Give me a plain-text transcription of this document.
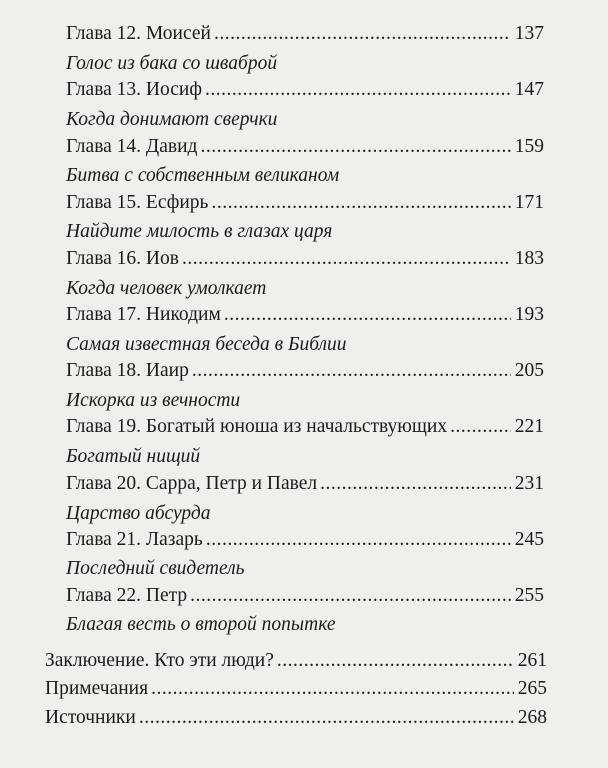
Глава 12. Моисей .....	137
Голос из бака со шваброй
Глава 13. Иосиф .....	147
Когда донимают сверчки
Глава 14. Давид .....	159
Битва с собственным великаном
Глава 15. Есфирь .....	171
Найдите милость в глазах царя
Глава 16. Иов .....	183
Когда человек умолкает
Глава 17. Никодим .....	193
Самая известная беседа в Библии
Глава 18. Иаир .....	205
Искорка из вечности
Глава 19. Богатый юноша из начальствующих .....	221
Богатый нищий
Глава 20. Сарра, Петр и Павел .....	231
Царство абсурда
Глава 21. Лазарь .....	245
Последний свидетель
Глава 22. Петр .....	255
Благая весть о второй попытке
Заключение. Кто эти люди? .....	261
Примечания .....	265
Источники .....	268
